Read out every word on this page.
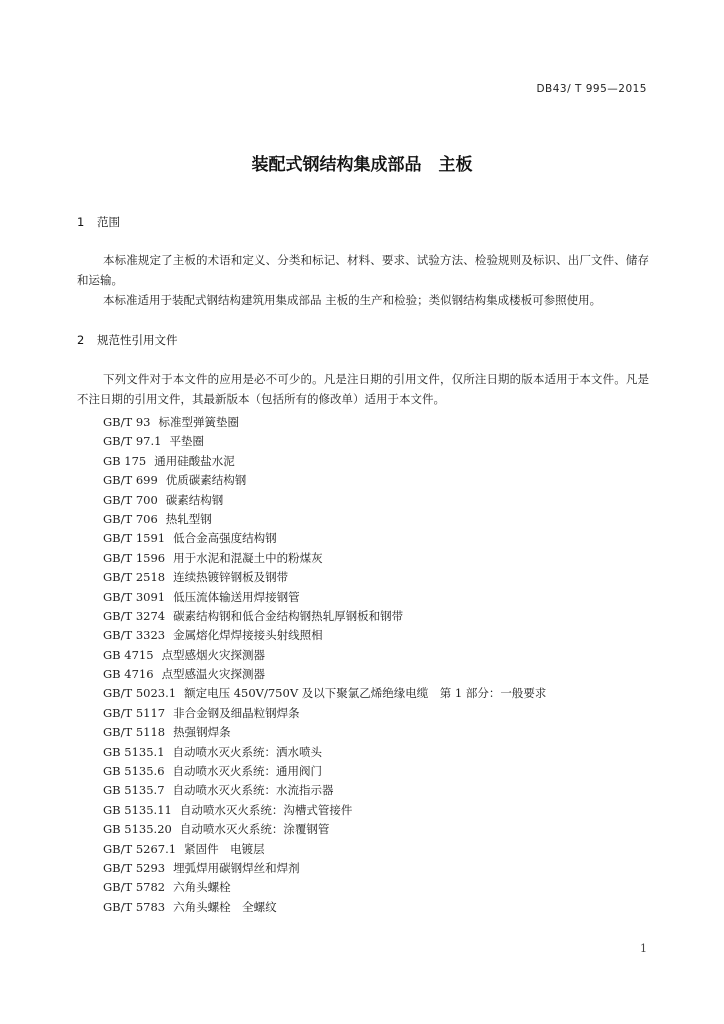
DB43/ T 995—2015
装配式钢结构集成部品　主板
1 范围

本标准规定了主板的术语和定义、分类和标记、材料、要求、试验方法、检验规则及标识、出厂文件、储存和运输。

本标准适用于装配式钢结构建筑用集成部品 主板的生产和检验；类似钢结构集成楼板可参照使用。

2 规范性引用文件

下列文件对于本文件的应用是必不可少的。凡是注日期的引用文件，仅所注日期的版本适用于本文件。凡是不注日期的引用文件，其最新版本（包括所有的修改单）适用于本文件。

GB/T 93 标准型弹簧垫圈
GB/T 97.1 平垫圈
GB 175 通用硅酸盐水泥
GB/T 699 优质碳素结构钢
GB/T 700 碳素结构钢
GB/T 706 热轧型钢
GB/T 1591 低合金高强度结构钢
GB/T 1596 用于水泥和混凝土中的粉煤灰
GB/T 2518 连续热镀锌钢板及钢带
GB/T 3091 低压流体输送用焊接钢管
GB/T 3274 碳素结构钢和低合金结构钢热轧厚钢板和钢带
GB/T 3323 金属熔化焊焊接接头射线照相
GB 4715 点型感烟火灾探测器
GB 4716 点型感温火灾探测器
GB/T 5023.1 额定电压 450V/750V 及以下聚氯乙烯绝缘电缆　第 1 部分：一般要求
GB/T 5117 非合金钢及细晶粒钢焊条
GB/T 5118 热强钢焊条
GB 5135.1 自动喷水灭火系统：洒水喷头
GB 5135.6 自动喷水灭火系统：通用阀门
GB 5135.7 自动喷水灭火系统：水流指示器
GB 5135.11 自动喷水灭火系统：沟槽式管接件
GB 5135.20 自动喷水灭火系统：涂覆钢管
GB/T 5267.1 紧固件　电镀层
GB/T 5293 埋弧焊用碳钢焊丝和焊剂
GB/T 5782 六角头螺栓
GB/T 5783 六角头螺栓　全螺纹
1
